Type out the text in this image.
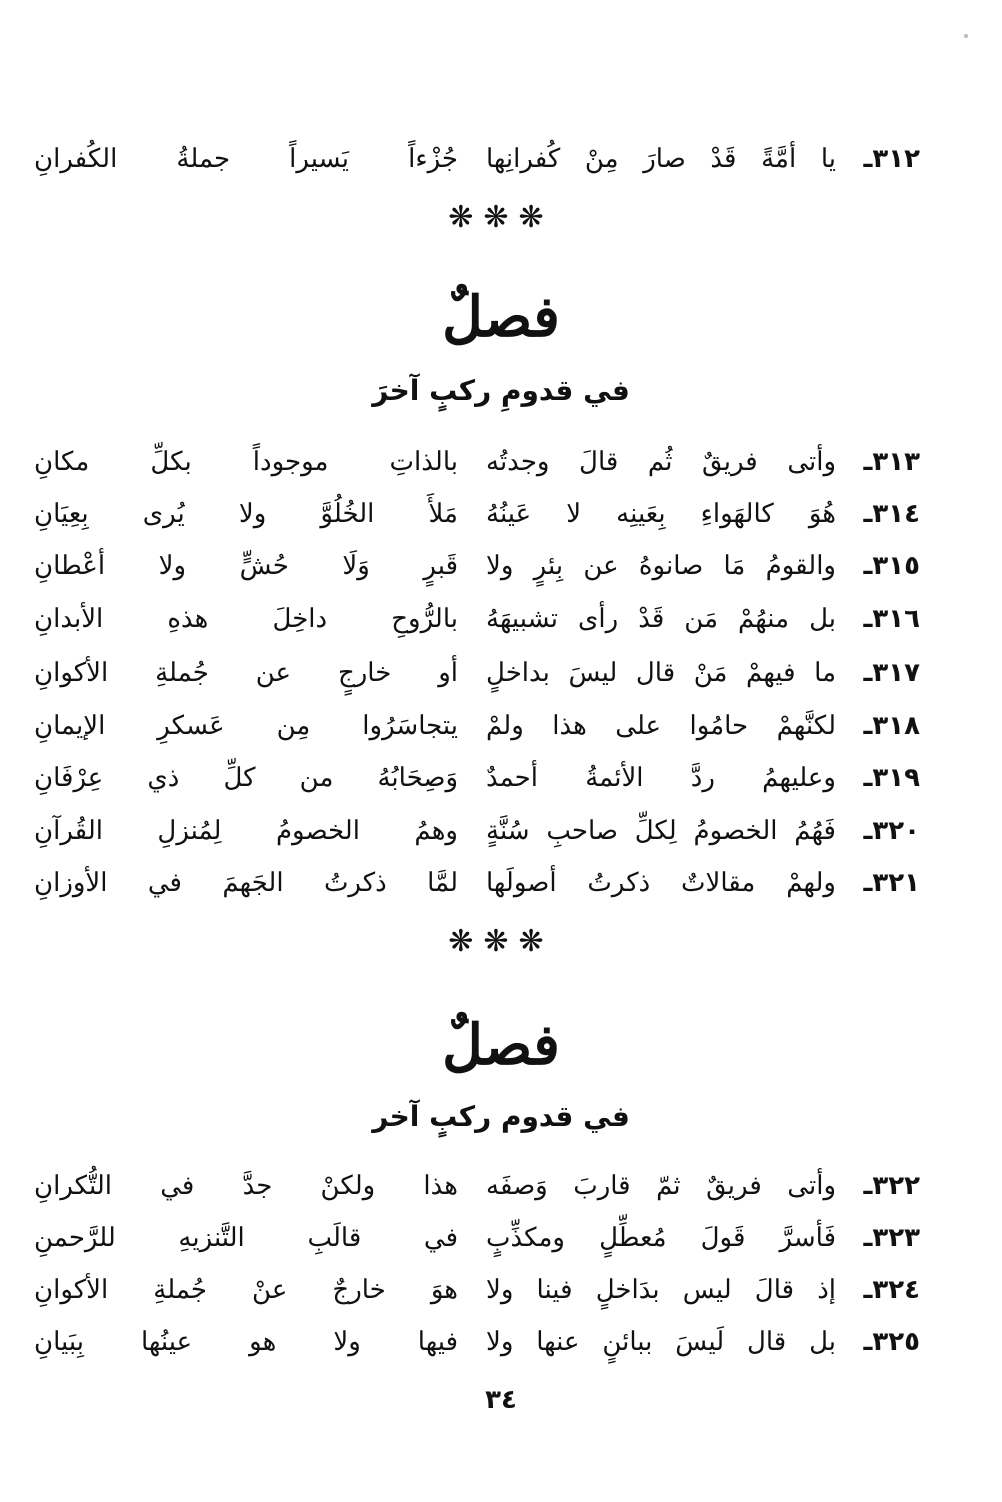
٣١٢ـ
يا أمَّةً قَدْ صارَ مِنْ كُفرانِها
جُزْءاً يَسيراً جملةُ الكُفرانِ
❋❋❋
فصلٌ
في قدومِ ركبٍ آخرَ
٣١٣ـ
وأتى فريقٌ ثُم قالَ وجدتُه
بالذاتِ موجوداً بكلِّ مكانِ
٣١٤ـ
هُوَ كالهَواءِ بِعَينِه لا عَينُهُ
مَلأَ الخُلُوَّ ولا يُرى بِعِيَانِ
٣١٥ـ
والقومُ مَا صانوهُ عن بِئرٍ ولا
قَبرٍ وَلَا حُشٍّ ولا أعْطانِ
٣١٦ـ
بل منهُمْ مَن قَدْ رأى تشبيهَهُ
بالرُّوحِ داخِلَ هذهِ الأبدانِ
٣١٧ـ
ما فيهمْ مَنْ قال ليسَ بداخلٍ
أو خارجٍ عن جُملةِ الأكوانِ
٣١٨ـ
لكنَّهمْ حامُوا على هذا ولمْ
يتجاسَرُوا مِن عَسكرِ الإيمانِ
٣١٩ـ
وعليهمُ ردَّ الأئمةُ أحمدٌ
وَصِحَابُهُ من كلِّ ذي عِرْفَانِ
٣٢٠ـ
فَهُمُ الخصومُ لِكلِّ صاحبِ سُنَّةٍ
وهمُ الخصومُ لِمُنزلِ القُرآنِ
٣٢١ـ
ولهمْ مقالاتٌ ذكرتُ أصولَها
لمَّا ذكرتُ الجَهمَ في الأوزانِ
❋❋❋
فصلٌ
في قدوم ركبٍ آخر
٣٢٢ـ
وأتى فريقٌ ثمّ قاربَ وَصفَه
هذا ولكنْ جدَّ في التُّكرانِ
٣٢٣ـ
فَأسرَّ قَولَ مُعطِّلٍ ومكذِّبٍ
في قالَبِ التَّنزيهِ للرَّحمنِ
٣٢٤ـ
إذ قالَ ليس بدَاخلٍ فينا ولا
هوَ خارجٌ عنْ جُملةِ الأكوانِ
٣٢٥ـ
بل قال لَيسَ ببائنٍ عنها ولا
فيها ولا هو عينُها بِبَيانِ
٣٤
